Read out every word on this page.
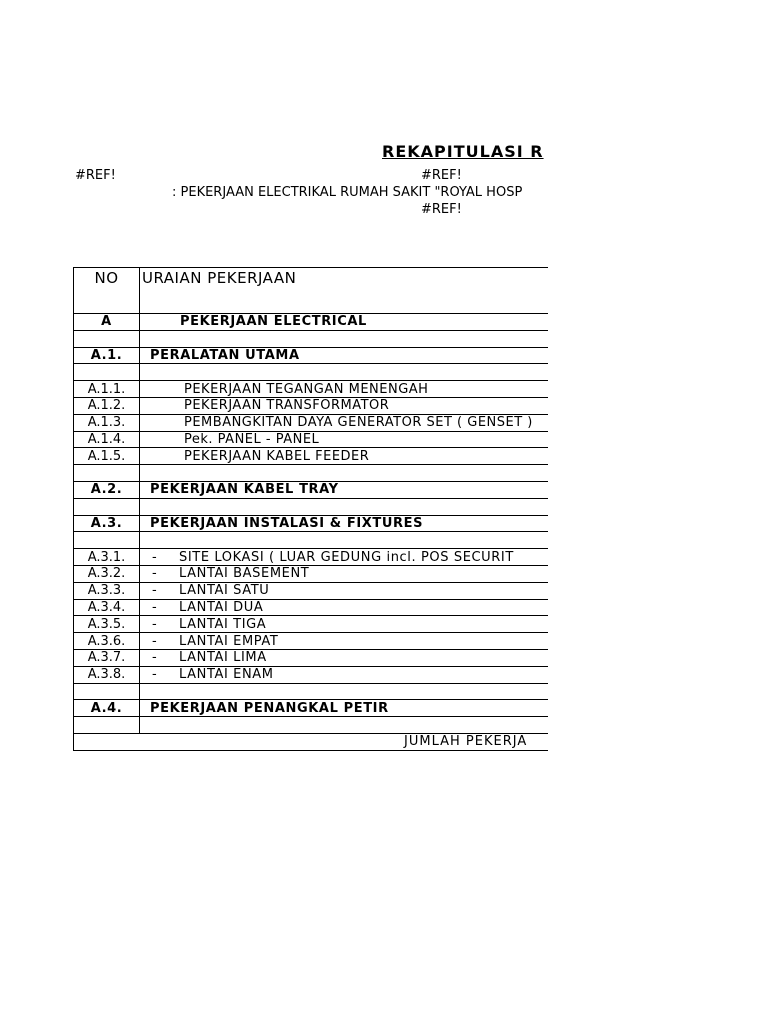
REKAPITULASI R
#REF!	#REF!
: PEKERJAAN ELECTRIKAL RUMAH SAKIT "ROYAL HOSP
#REF!
NO	URAIAN PEKERJAAN
A	PEKERJAAN ELECTRICAL

A.1.	PERALATAN UTAMA

A.1.1.	PEKERJAAN TEGANGAN MENENGAH
A.1.2.	PEKERJAAN TRANSFORMATOR
A.1.3.	PEMBANGKITAN DAYA GENERATOR SET ( GENSET )
A.1.4.	Pek. PANEL - PANEL
A.1.5.	PEKERJAAN KABEL FEEDER

A.2.	PEKERJAAN KABEL TRAY

A.3.	PEKERJAAN INSTALASI & FIXTURES

A.3.1.	- SITE LOKASI ( LUAR GEDUNG incl. POS SECURIT
A.3.2.	- LANTAI BASEMENT
A.3.3.	- LANTAI SATU
A.3.4.	- LANTAI DUA
A.3.5.	- LANTAI TIGA
A.3.6.	- LANTAI EMPAT
A.3.7.	- LANTAI LIMA
A.3.8.	- LANTAI ENAM

A.4.	PEKERJAAN PENANGKAL PETIR

JUMLAH PEKERJA	
